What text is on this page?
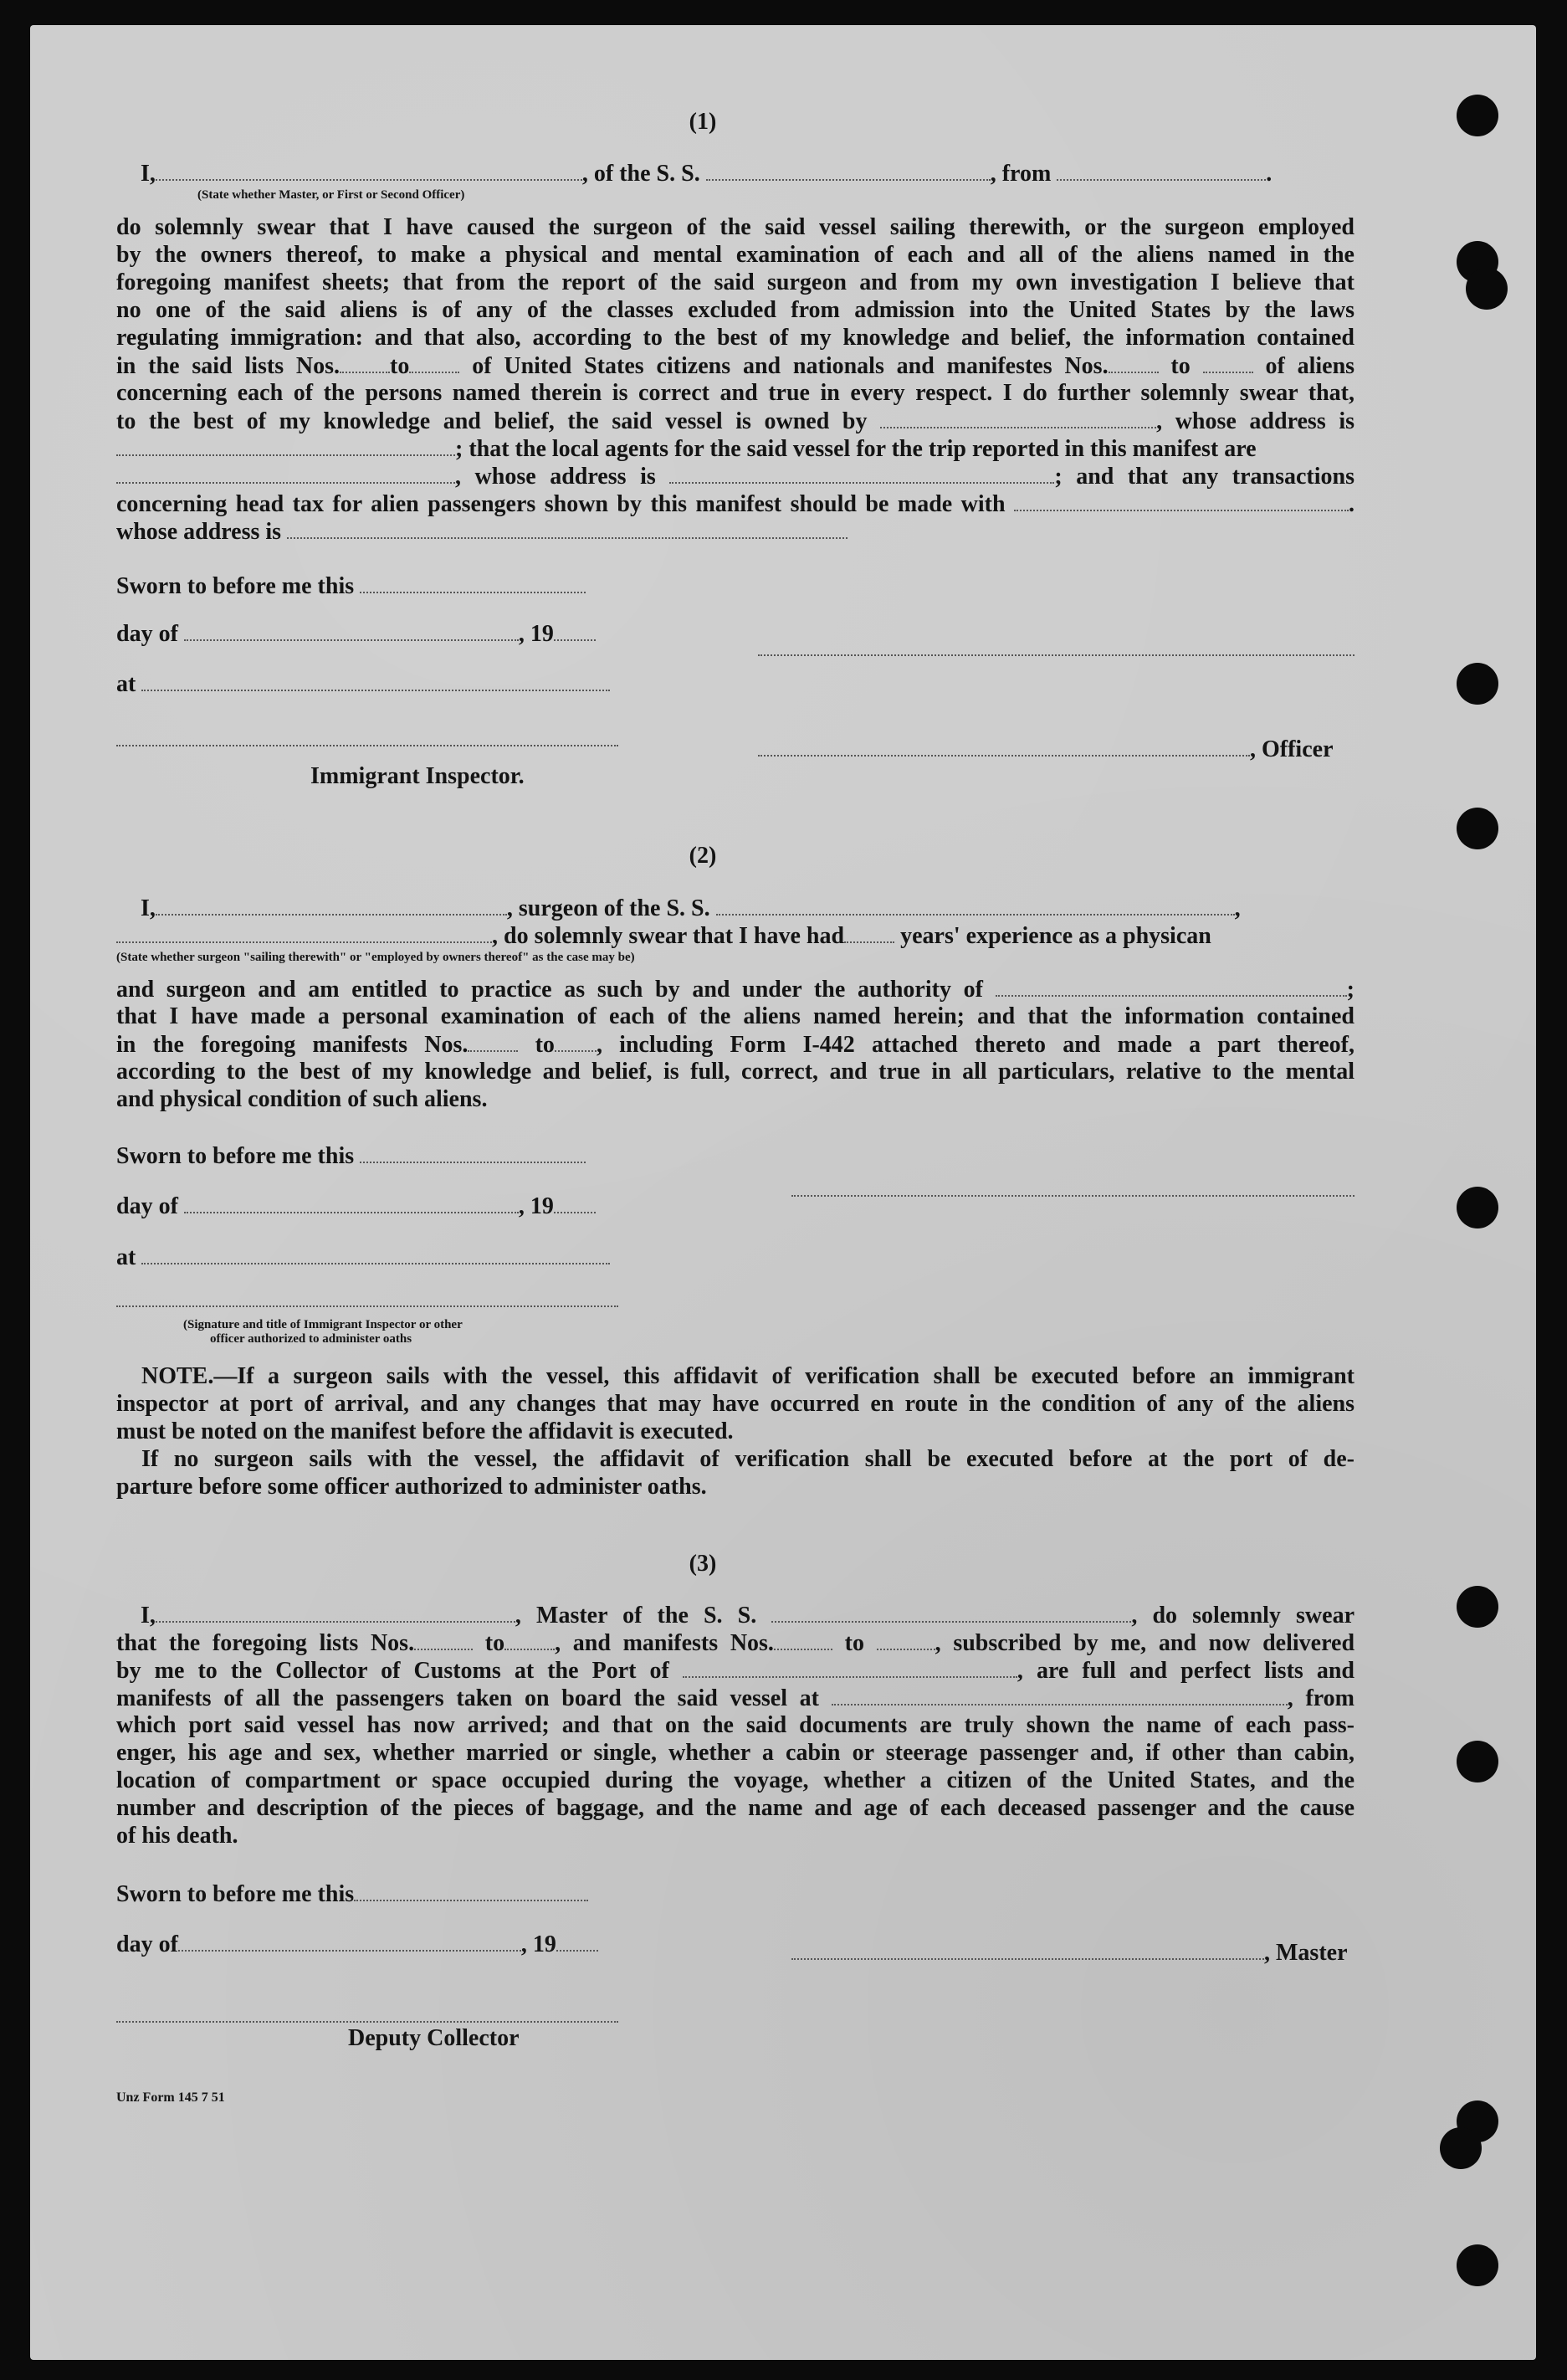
(1)
I,	, of the S. S.	, from	.
(State whether Master, or First or Second Officer)
do solemnly swear that I have caused the surgeon of the said vessel sailing therewith, or the surgeon employed
by the owners thereof, to make a physical and mental examination of each and all of the aliens named in the
foregoing manifest sheets; that from the report of the said surgeon and from my own investigation I believe that
no one of the said aliens is of any of the classes excluded from admission into the United States by the laws
regulating immigration: and that also, according to the best of my knowledge and belief, the information contained
in the said lists Nos. to	of United States citizens and nationals and manifestes Nos.	to	of aliens
concerning each of the persons named therein is correct and true in every respect. I do further solemnly swear that,
to the best of my knowledge and belief, the said vessel is owned by	, whose address is
; that the local agents for the said vessel for the trip reported in this manifest are
, whose address is	; and that any transactions
concerning head tax for alien passengers shown by this manifest should be made with	.
whose address is
Sworn to before me this
day of	, 19
at
, Officer
Immigrant Inspector.
(2)
I,	, surgeon of the S. S.	,
, do solemnly swear that I have had years' experience as a physican
(State whether surgeon "sailing therewith" or "employed by owners thereof" as the case may be)
and surgeon and am entitled to practice as such by and under the authority of	;
that I have made a personal examination of each of the aliens named herein; and that the information contained
in the foregoing manifests Nos.	to , including Form I-442 attached thereto and made a part thereof,
according to the best of my knowledge and belief, is full, correct, and true in all particulars, relative to the mental
and physical condition of such aliens.
Sworn to before me this
day of	, 19
at
(Signature and title of Immigrant Inspector or other
officer authorized to administer oaths
NOTE.—If a surgeon sails with the vessel, this affidavit of verification shall be executed before an immigrant
inspector at port of arrival, and any changes that may have occurred en route in the condition of any of the aliens
must be noted on the manifest before the affidavit is executed.
If no surgeon sails with the vessel, the affidavit of verification shall be executed before at the port of de-
parture before some officer authorized to administer oaths.
(3)
I,	, Master of the S. S.	, do solemnly swear
that the foregoing lists Nos.	to , and manifests Nos.	to	, subscribed by me, and now delivered
by me to the Collector of Customs at the Port of	, are full and perfect lists and
manifests of all the passengers taken on board the said vessel at	, from
which port said vessel has now arrived; and that on the said documents are truly shown the name of each pass-
enger, his age and sex, whether married or single, whether a cabin or steerage passenger and, if other than cabin,
location of compartment or space occupied during the voyage, whether a citizen of the United States, and the
number and description of the pieces of baggage, and the name and age of each deceased passenger and the cause
of his death.
Sworn to before me this
day of	, 19	, Master
Deputy Collector
Unz Form 145 7 51
